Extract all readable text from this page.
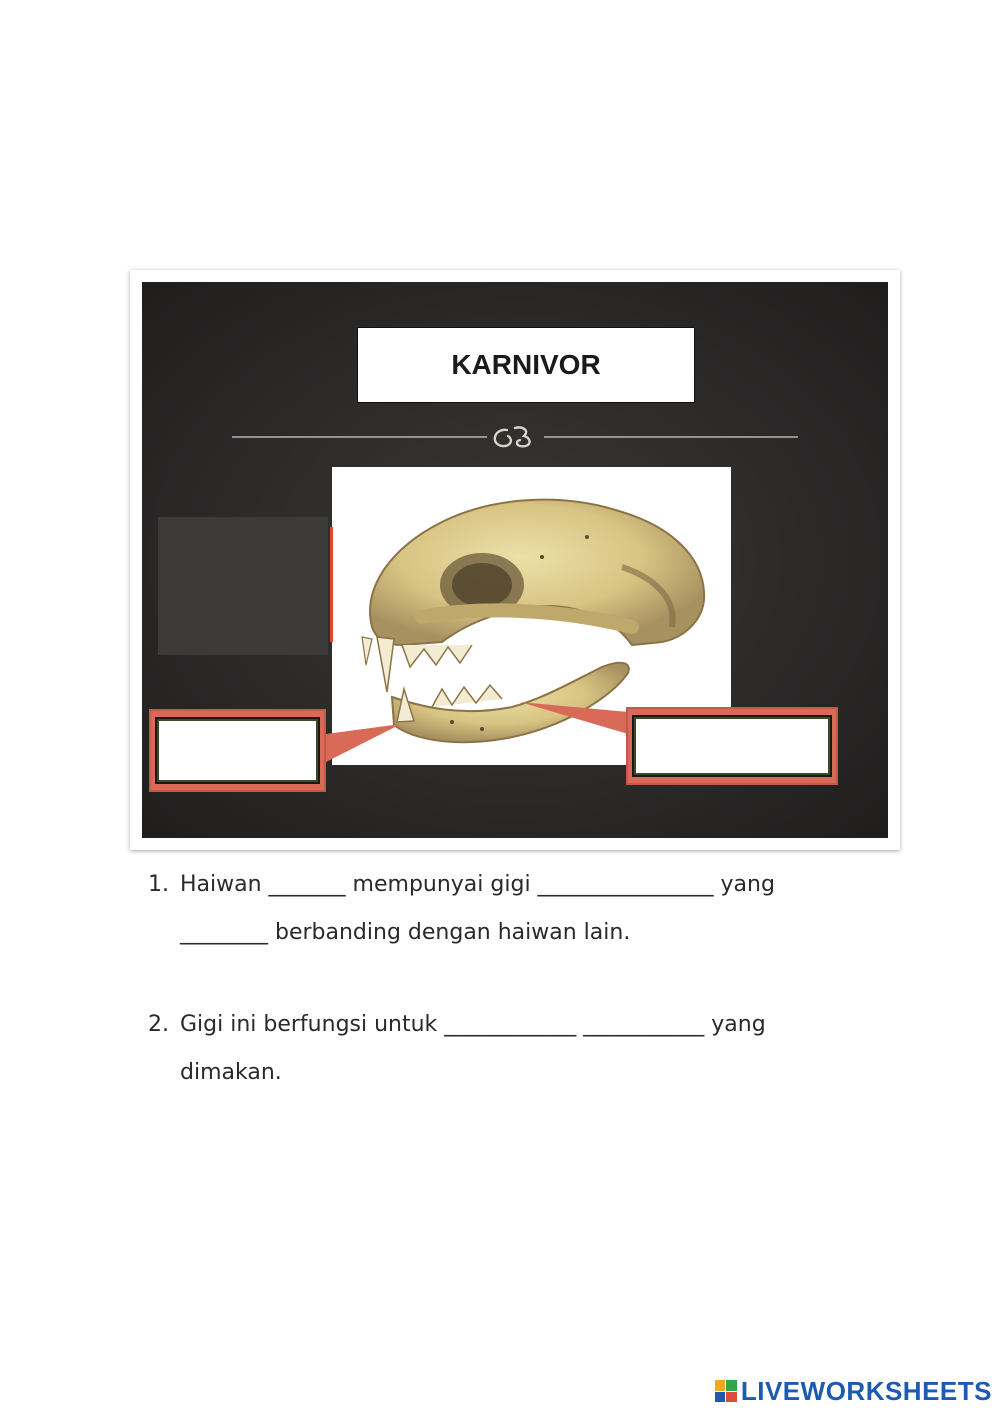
KARNIVOR
1. Haiwan _______ mempunyai gigi ________________ yang
________ berbanding dengan haiwan lain.
2. Gigi ini berfungsi untuk ____________ ___________ yang
dimakan.
LIVEWORKSHEETS
